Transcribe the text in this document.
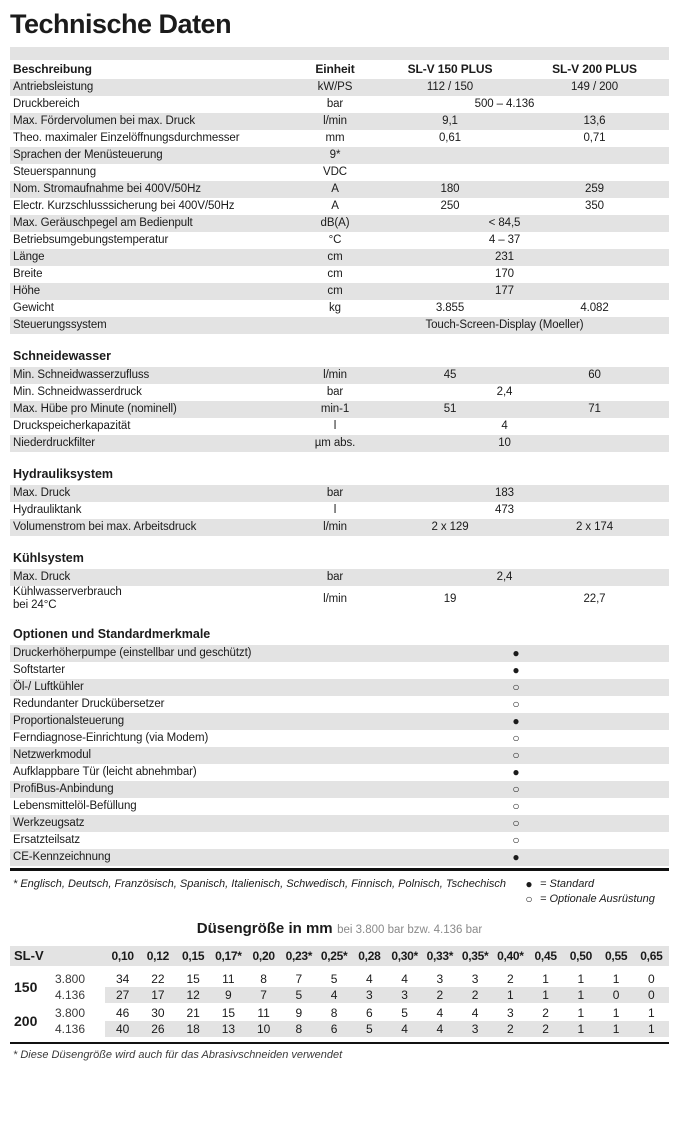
Technische Daten
Beschreibung	Einheit	SL-V 150 PLUS	SL-V 200 PLUS
Antriebsleistung	kW/PS	112 / 150	149 / 200
Druckbereich	bar	500 – 4.136
Max. Fördervolumen bei max. Druck	l/min	9,1	13,6
Theo. maximaler Einzelöffnungsdurchmesser	mm	0,61	0,71
Sprachen der Menüsteuerung	9*
Steuerspannung	VDC
Nom. Stromaufnahme bei 400V/50Hz	A	180	259
Electr. Kurzschlusssicherung bei 400V/50Hz	A	250	350
Max. Geräuschpegel am Bedienpult	dB(A)	< 84,5
Betriebsumgebungstemperatur	°C	4 – 37
Länge	cm	231
Breite	cm	170
Höhe	cm	177
Gewicht	kg	3.855	4.082
Steuerungssystem	Touch-Screen-Display (Moeller)
Schneidewasser
Min. Schneidwasserzufluss	l/min	45	60
Min. Schneidwasserdruck	bar	2,4
Max. Hübe pro Minute (nominell)	min-1	51	71
Druckspeicherkapazität	l	4
Niederdruckfilter	µm abs.	10
Hydrauliksystem
Max. Druck	bar	183
Hydrauliktank	l	473
Volumenstrom bei max. Arbeitsdruck	l/min	2 x 129	2 x 174
Kühlsystem
Max. Druck	bar	2,4
Kühlwasserverbrauch
bei 24°C
l/min	19	22,7
Optionen und Standardmerkmale
Druckerhöherpumpe (einstellbar und geschützt)	●
Softstarter	●
Öl-/ Luftkühler	○
Redundanter Druckübersetzer	○
Proportionalsteuerung	●
Ferndiagnose-Einrichtung (via Modem)	○
Netzwerkmodul	○
Aufklappbare Tür (leicht abnehmbar)	●
ProfiBus-Anbindung	○
Lebensmittelöl-Befüllung	○
Werkzeugsatz	○
Ersatzteilsatz	○
CE-Kennzeichnung	●
* Englisch, Deutsch, Französisch, Spanisch, Italienisch, Schwedisch, Finnisch, Polnisch, Tschechisch	● = Standard
○ = Optionale Ausrüstung
Düsengröße in mm bei 3.800 bar bzw. 4.136 bar
SL-V	0,10	0,12	0,15 0,17* 0,20 0,23* 0,25* 0,28 0,30* 0,33* 0,35* 0,40* 0,45	0,50	0,55	0,65
150	3.800	34	22	15	11	8	7	5	4	4	3	3	2	1	1	1	0
4.136	27	17	12	9	7	5	4	3	3	2	2	1	1	1	0	0
200	3.800	46	30	21	15	11	9	8	6	5	4	4	3	2	1	1	1
4.136	40	26	18	13	10	8	6	5	4	4	3	2	2	1	1	1
* Diese Düsengröße wird auch für das Abrasivschneiden verwendet
